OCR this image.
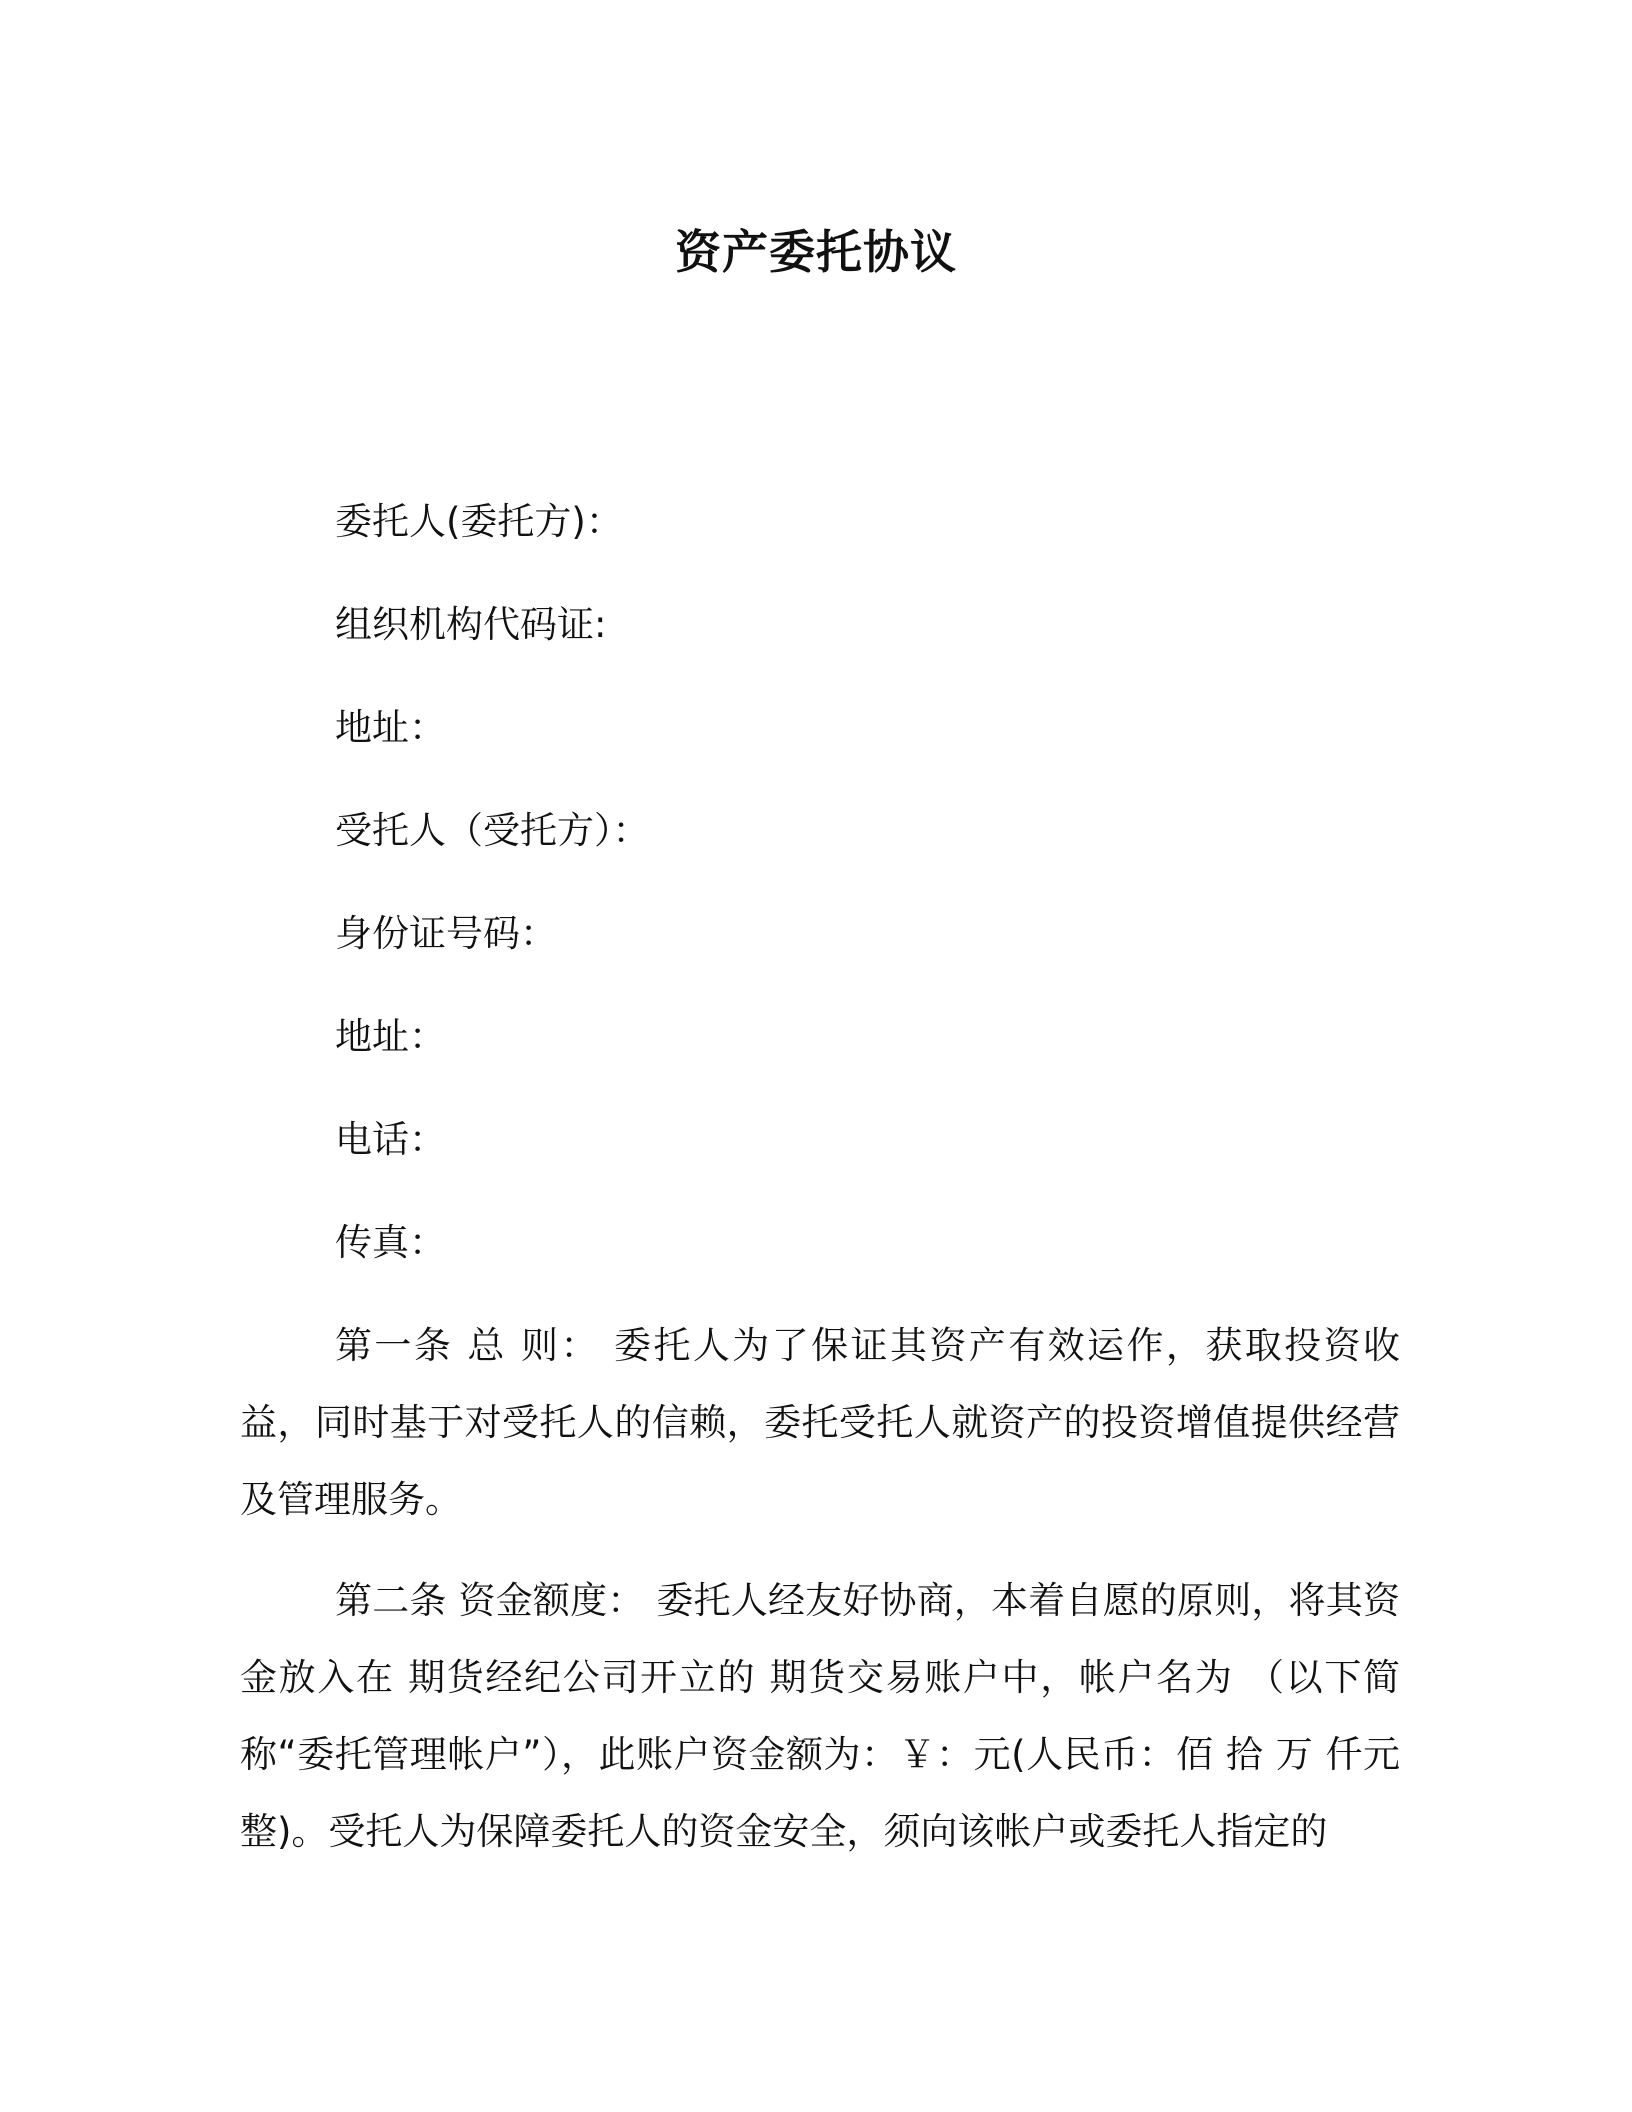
资产委托协议
委托人(委托方)：
组织机构代码证:
地址：
受托人（受托方）：
身份证号码：
地址：
电话：
传真：

第一条 总 则： 委托人为了保证其资产有效运作，获取投资收益，同时基于对受托人的信赖，委托受托人就资产的投资增值提供经营及管理服务。

第二条 资金额度： 委托人经友好协商，本着自愿的原则，将其资金放入在 期货经纪公司开立的 期货交易账户中，帐户名为 （以下简称“委托管理帐户”），此账户资金额为：￥：元(人民币：佰 拾 万 仟元整)。受托人为保障委托人的资金安全，须向该帐户或委托人指定的
